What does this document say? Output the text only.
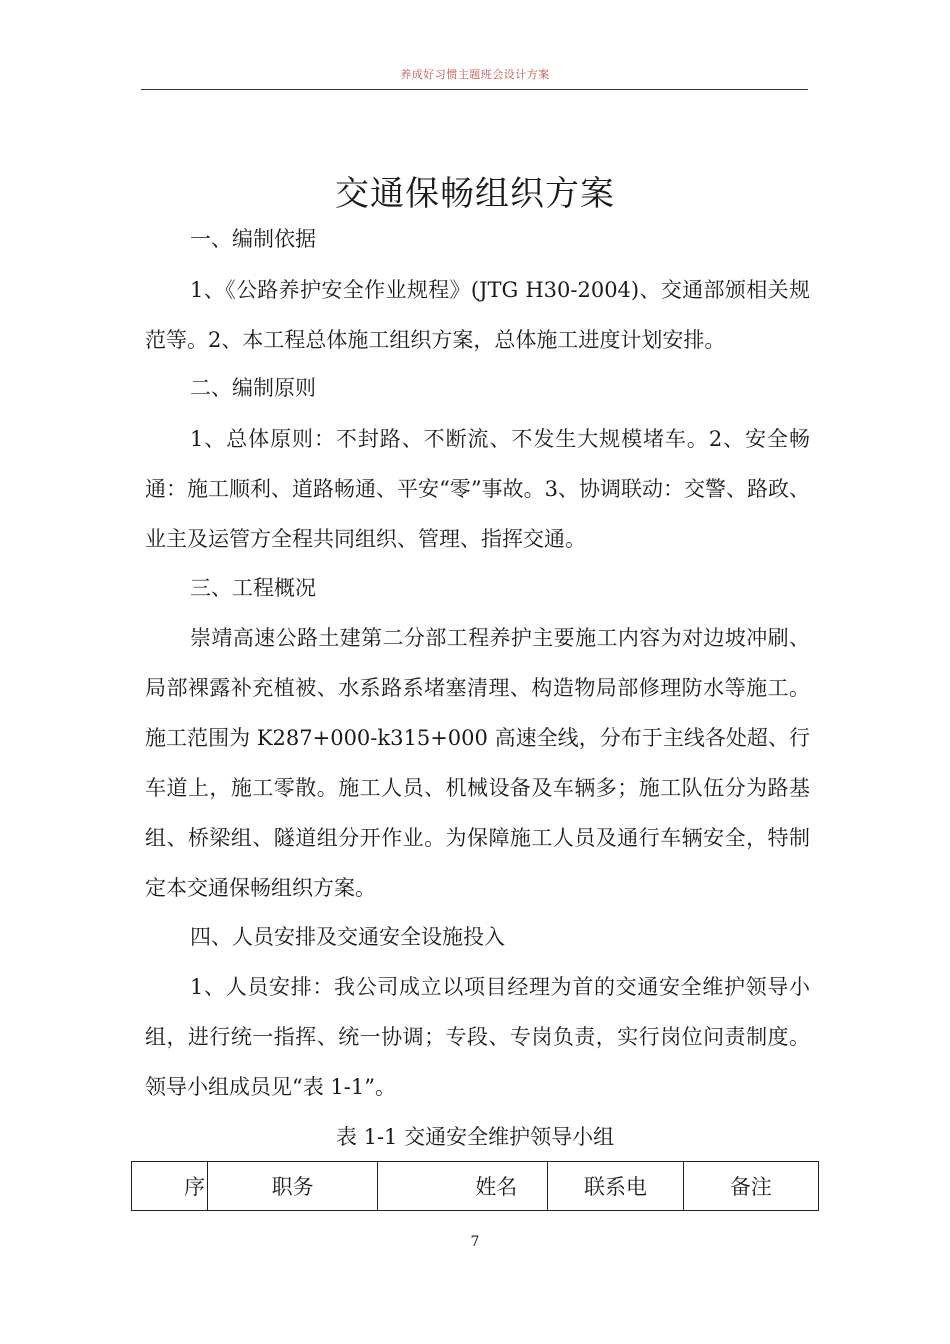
养成好习惯主题班会设计方案
交通保畅组织方案
一、编制依据

1、《公路养护安全作业规程》(JTG H30-2004)、交通部颁相关规范等。2、本工程总体施工组织方案，总体施工进度计划安排。

二、编制原则

1、总体原则：不封路、不断流、不发生大规模堵车。2、安全畅通：施工顺利、道路畅通、平安“零”事故。3、协调联动：交警、路政、业主及运管方全程共同组织、管理、指挥交通。

三、工程概况

崇靖高速公路土建第二分部工程养护主要施工内容为对边坡冲刷、局部裸露补充植被、水系路系堵塞清理、构造物局部修理防水等施工。施工范围为 K287+000-k315+000 高速全线，分布于主线各处超、行车道上，施工零散。施工人员、机械设备及车辆多；施工队伍分为路基组、桥梁组、隧道组分开作业。为保障施工人员及通行车辆安全，特制定本交通保畅组织方案。

四、人员安排及交通安全设施投入

1、人员安排：我公司成立以项目经理为首的交通安全维护领导小组，进行统一指挥、统一协调；专段、专岗负责，实行岗位问责制度。领导小组成员见“表 1-1”。

表 1-1 交通安全维护领导小组
序	职务	姓名	联系电	备注
7
